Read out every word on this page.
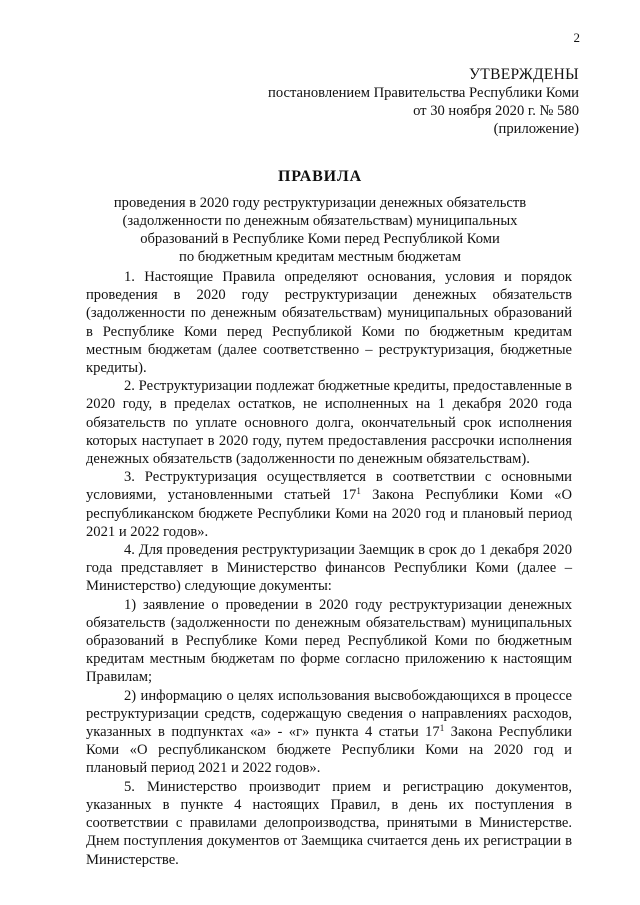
2
УТВЕРЖДЕНЫ
постановлением Правительства Республики Коми
от 30 ноября 2020 г. № 580
(приложение)
ПРАВИЛА
проведения в 2020 году реструктуризации денежных обязательств
(задолженности по денежным обязательствам) муниципальных
образований в Республике Коми перед Республикой Коми
по бюджетным кредитам местным бюджетам

1. Настоящие Правила определяют основания, условия и порядок проведения в 2020 году реструктуризации денежных обязательств (задолженности по денежным обязательствам) муниципальных образований в Республике Коми перед Республикой Коми по бюджетным кредитам местным бюджетам (далее соответственно – реструктуризация, бюджетные кредиты).

2. Реструктуризации подлежат бюджетные кредиты, предоставленные в 2020 году, в пределах остатков, не исполненных на 1 декабря 2020 года обязательств по уплате основного долга, окончательный срок исполнения которых наступает в 2020 году, путем предоставления рассрочки исполнения денежных обязательств (задолженности по денежным обязательствам).

3. Реструктуризация осуществляется в соответствии с основными условиями, установленными статьей $17^1$ Закона Республики Коми «О республиканском бюджете Республики Коми на 2020 год и плановый период 2021 и 2022 годов».

4. Для проведения реструктуризации Заемщик в срок до 1 декабря 2020 года представляет в Министерство финансов Республики Коми (далее – Министерство) следующие документы:

1) заявление о проведении в 2020 году реструктуризации денежных обязательств (задолженности по денежным обязательствам) муниципальных образований в Республике Коми перед Республикой Коми по бюджетным кредитам местным бюджетам по форме согласно приложению к настоящим Правилам;

2) информацию о целях использования высвобождающихся в процессе реструктуризации средств, содержащую сведения о направлениях расходов, указанных в подпунктах «а» - «г» пункта 4 статьи $17^1$ Закона Республики Коми «О республиканском бюджете Республики Коми на 2020 год и плановый период 2021 и 2022 годов».

5. Министерство производит прием и регистрацию документов, указанных в пункте 4 настоящих Правил, в день их поступления в соответствии с правилами делопроизводства, принятыми в Министерстве. Днем поступления документов от Заемщика считается день их регистрации в Министерстве.
